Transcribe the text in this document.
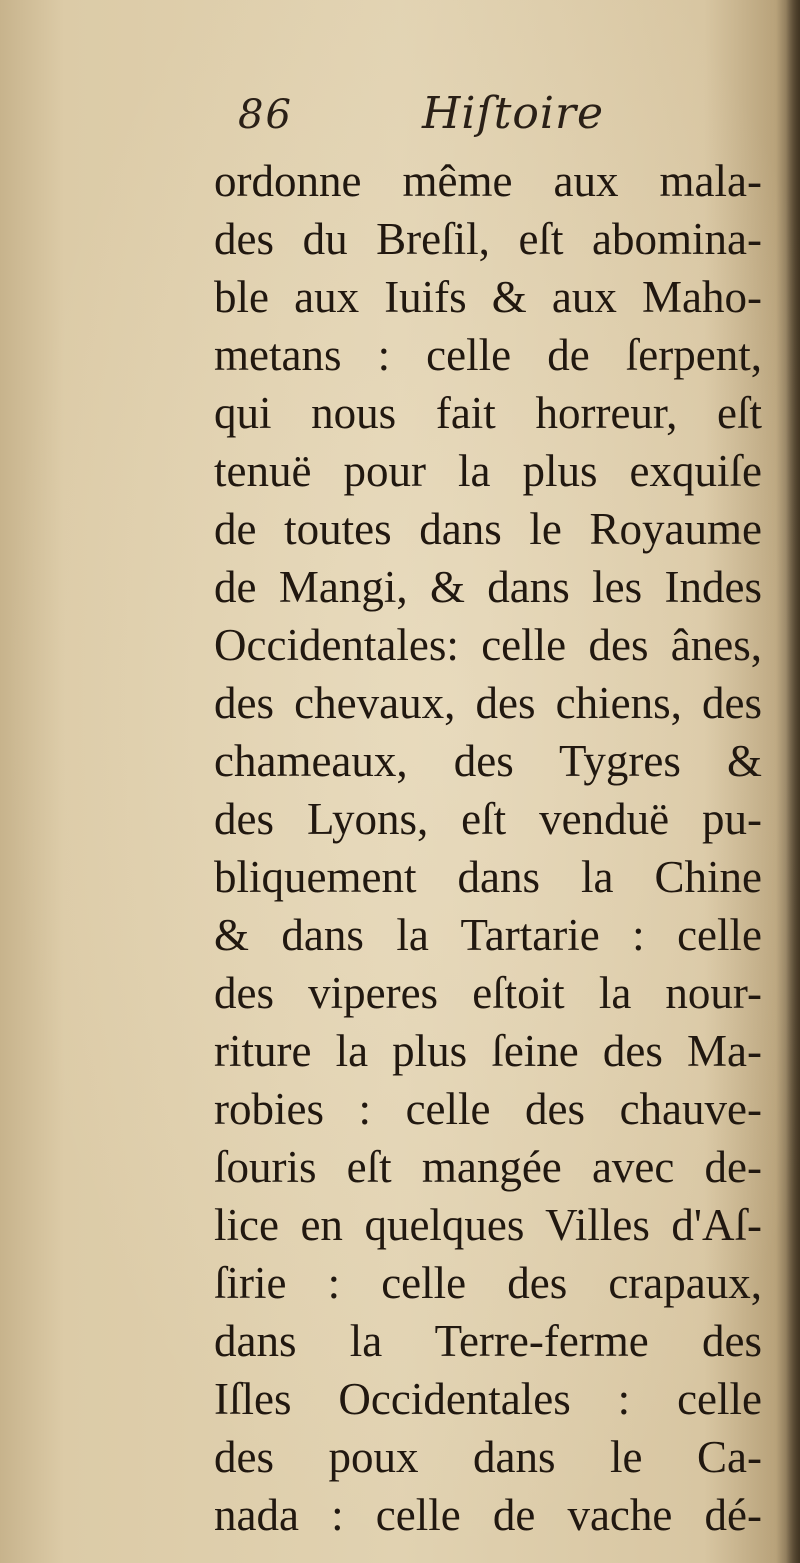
86	Hiſtoire
ordonne même aux mala-
des du Breſil, eſt abomina-
ble aux Iuifs & aux Maho-
metans : celle de ſerpent,
qui nous fait horreur, eſt
tenuë pour la plus exquiſe
de toutes dans le Royaume
de Mangi, & dans les Indes
Occidentales: celle des ânes,
des chevaux, des chiens, des
chameaux, des Tygres &
des Lyons, eſt venduë pu-
bliquement dans la Chine
& dans la Tartarie : celle
des viperes eſtoit la nour-
riture la plus ſeine des Ma-
robies : celle des chauve-
ſouris eſt mangée avec de-
lice en quelques Villes d'Aſ-
ſirie : celle des crapaux,
dans la Terre-ferme des
Iſles Occidentales : celle
des poux dans le Ca-
nada : celle de vache dé-
